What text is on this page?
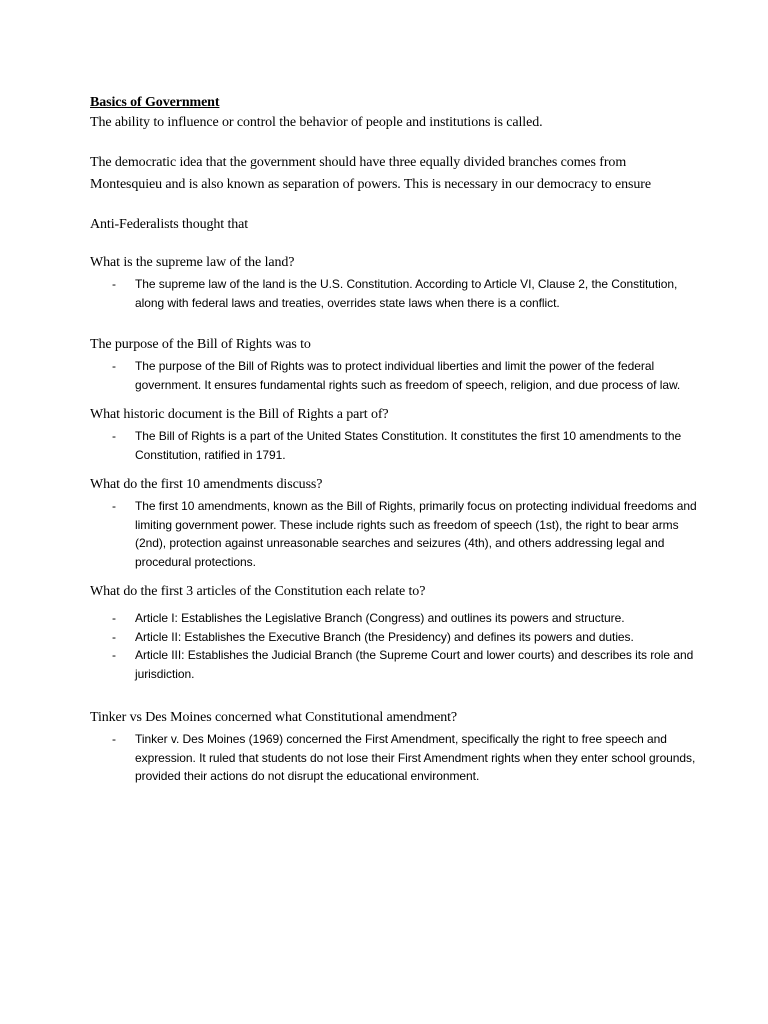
Basics of Government

The ability to influence or control the behavior of people and institutions is called.

The democratic idea that the government should have three equally divided branches comes from Montesquieu and is also known as separation of powers. This is necessary in our democracy to ensure

Anti-Federalists thought that

What is the supreme law of the land?

- The supreme law of the land is the U.S. Constitution. According to Article VI, Clause 2, the Constitution, along with federal laws and treaties, overrides state laws when there is a conflict.

The purpose of the Bill of Rights was to

- The purpose of the Bill of Rights was to protect individual liberties and limit the power of the federal government. It ensures fundamental rights such as freedom of speech, religion, and due process of law.

What historic document is the Bill of Rights a part of?

- The Bill of Rights is a part of the United States Constitution. It constitutes the first 10 amendments to the Constitution, ratified in 1791.

What do the first 10 amendments discuss?

- The first 10 amendments, known as the Bill of Rights, primarily focus on protecting individual freedoms and limiting government power. These include rights such as freedom of speech (1st), the right to bear arms (2nd), protection against unreasonable searches and seizures (4th), and others addressing legal and procedural protections.

What do the first 3 articles of the Constitution each relate to?

- Article I: Establishes the Legislative Branch (Congress) and outlines its powers and structure.
- Article II: Establishes the Executive Branch (the Presidency) and defines its powers and duties.
- Article III: Establishes the Judicial Branch (the Supreme Court and lower courts) and describes its role and jurisdiction.

Tinker vs Des Moines concerned what Constitutional amendment?

- Tinker v. Des Moines (1969) concerned the First Amendment, specifically the right to free speech and expression. It ruled that students do not lose their First Amendment rights when they enter school grounds, provided their actions do not disrupt the educational environment.
